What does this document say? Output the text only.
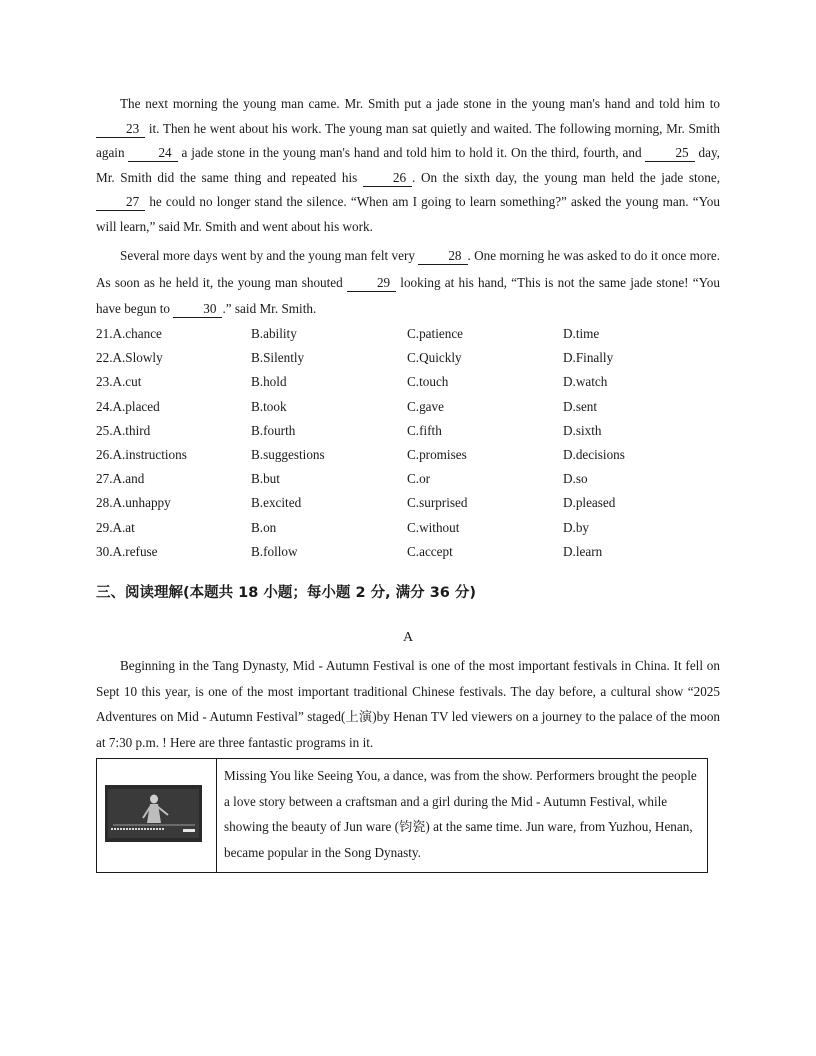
The next morning the young man came. Mr. Smith put a jade stone in the young man's hand and told him to 23 it. Then he went about his work. The young man sat quietly and waited. The following morning, Mr. Smith again 24 a jade stone in the young man's hand and told him to hold it. On the third, fourth, and 25 day, Mr. Smith did the same thing and repeated his 26 . On the sixth day, the young man held the jade stone, 27 he could no longer stand the silence. “When am I going to learn something?” asked the young man. “You will learn,” said Mr. Smith and went about his work.

Several more days went by and the young man felt very 28 . One morning he was asked to do it once more. As soon as he held it, the young man shouted 29 looking at his hand, “This is not the same jade stone! “You have begun to 30 .” said Mr. Smith.

21.A.chance	B.ability	C.patience	D.time
22.A.Slowly	B.Silently	C.Quickly	D.Finally
23.A.cut	B.hold	C.touch	D.watch
24.A.placed	B.took	C.gave	D.sent
25.A.third	B.fourth	C.fifth	D.sixth
26.A.instructions	B.suggestions	C.promises	D.decisions
27.A.and	B.but	C.or	D.so
28.A.unhappy	B.excited	C.surprised	D.pleased
29.A.at	B.on	C.without	D.by
30.A.refuse	B.follow	C.accept	D.learn
三、阅读理解(本题共 18 小题；每小题 2 分, 满分 36 分)

A

Beginning in the Tang Dynasty, Mid - Autumn Festival is one of the most important festivals in China. It fell on Sept 10 this year, is one of the most important traditional Chinese festivals. The day before, a cultural show “2025 Adventures on Mid - Autumn Festival” staged(上演)by Henan TV led viewers on a journey to the palace of the moon at 7:30 p.m. ! Here are three fantastic programs in it.

Missing You like Seeing You, a dance, was from the show. Performers brought the people a love story between a craftsman and a girl during the Mid - Autumn Festival, while showing the beauty of Jun ware (钧瓷) at the same time. Jun ware, from Yuzhou, Henan, became popular in the Song Dynasty.
